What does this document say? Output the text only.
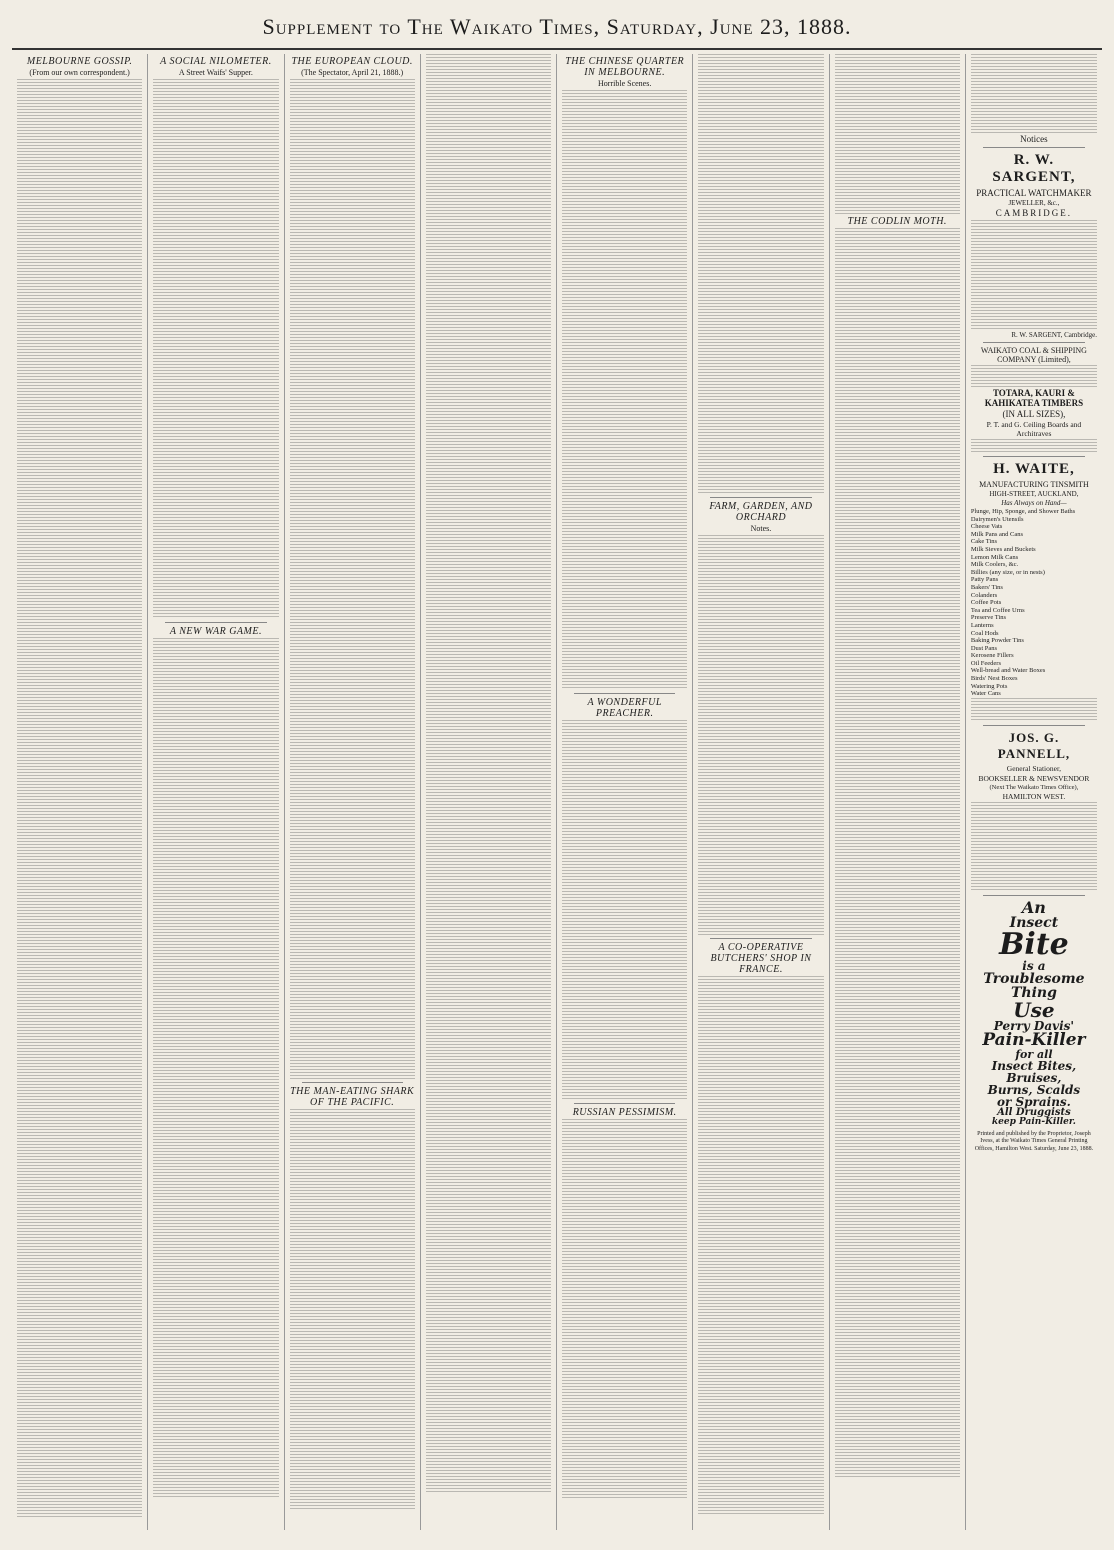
Supplement to The Waikato Times, Saturday, June 23, 1888.
MELBOURNE GOSSIP.
(From our own correspondent.)
A SOCIAL NILOMETER.
A Street Waifs' Supper.
A NEW WAR GAME.
THE EUROPEAN CLOUD.
(The Spectator, April 21, 1888.)
THE MAN-EATING SHARK OF THE PACIFIC.
THE CHINESE QUARTER IN MELBOURNE.
Horrible Scenes.
A WONDERFUL PREACHER.
RUSSIAN PESSIMISM.
FARM, GARDEN, AND ORCHARD
Notes.
A CO-OPERATIVE BUTCHERS' SHOP IN FRANCE.
THE CODLIN MOTH.
Notices
R. W. SARGENT,
PRACTICAL WATCHMAKER
JEWELLER, &c.,
CAMBRIDGE.
R. W. SARGENT, Cambridge.
WAIKATO COAL & SHIPPING COMPANY (Limited),
TOTARA, KAURI & KAHIKATEA TIMBERS
(IN ALL SIZES),
P. T. and G. Ceiling Boards and Architraves
H. WAITE,
MANUFACTURING TINSMITH
HIGH-STREET, AUCKLAND,
Has Always on Hand—
Plunge, Hip, Sponge, and Shower Baths
Dairymen's Utensils
Cheese Vats
Milk Pans and Cans
Cake Tins
Milk Sieves and Buckets
Lemon Milk Cans
Milk Coolers, &c.
Billies (any size, or in nests)
Patty Pans
Bakers' Tins
Colanders
Coffee Pots
Tea and Coffee Urns
Preserve Tins
Lanterns
Coal Hods
Baking Powder Tins
Dust Pans
Kerosene Fillers
Oil Feeders
Well-bread and Water Boxes
Birds' Nest Boxes
Watering Pots
Water Cans
JOS. G. PANNELL,
General Stationer,
BOOKSELLER & NEWSVENDOR
(Next The Waikato Times Office),
HAMILTON WEST.
An
Insect
Bite
is a
Troublesome
Thing
Use
Perry Davis'
Pain-Killer
for all
Insect Bites,
Bruises,
Burns, Scalds
or Sprains.
All Druggists
keep Pain-Killer.
Printed and published by the Proprietor, Joseph Ivess, at the Waikato Times General Printing Offices, Hamilton West. Saturday, June 23, 1888.
